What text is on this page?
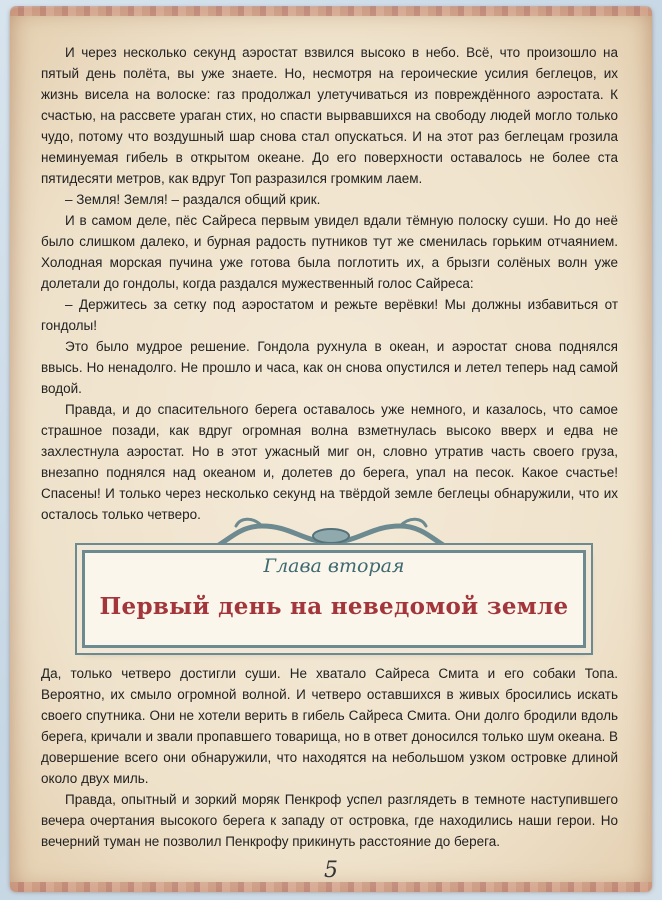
И через несколько секунд аэростат взвился высоко в небо. Всё, что произошло на пятый день полёта, вы уже знаете. Но, несмотря на героические усилия беглецов, их жизнь висела на волоске: газ продолжал улетучиваться из повреждённого аэростата. К счастью, на рассвете ураган стих, но спасти вырвавшихся на свободу людей могло только чудо, потому что воздушный шар снова стал опускаться. И на этот раз беглецам грозила неминуемая гибель в открытом океане. До его поверхности оставалось не более ста пятидесяти метров, как вдруг Топ разразился громким лаем.

– Земля! Земля! – раздался общий крик.

И в самом деле, пёс Сайреса первым увидел вдали тёмную полоску суши. Но до неё было слишком далеко, и бурная радость путников тут же сменилась горьким отчаянием. Холодная морская пучина уже готова была поглотить их, а брызги солёных волн уже долетали до гондолы, когда раздался мужественный голос Сайреса:

– Держитесь за сетку под аэростатом и режьте верёвки! Мы должны избавиться от гондолы!

Это было мудрое решение. Гондола рухнула в океан, и аэростат снова поднялся ввысь. Но ненадолго. Не прошло и часа, как он снова опустился и летел теперь над самой водой.

Правда, и до спасительного берега оставалось уже немного, и казалось, что самое страшное позади, как вдруг огромная волна взметнулась высоко вверх и едва не захлестнула аэростат. Но в этот ужасный миг он, словно утратив часть своего груза, внезапно поднялся над океаном и, долетев до берега, упал на песок. Какое счастье! Спасены! И только через несколько секунд на твёрдой земле беглецы обнаружили, что их осталось только четверо.

Глава вторая
Первый день на неведомой земле

Да, только четверо достигли суши. Не хватало Сайреса Смита и его собаки Топа. Вероятно, их смыло огромной волной. И четверо оставшихся в живых бросились искать своего спутника. Они не хотели верить в гибель Сайреса Смита. Они долго бродили вдоль берега, кричали и звали пропавшего товарища, но в ответ доносился только шум океана. В довершение всего они обнаружили, что находятся на небольшом узком островке длиной около двух миль.

Правда, опытный и зоркий моряк Пенкроф успел разглядеть в темноте наступившего вечера очертания высокого берега к западу от островка, где находились наши герои. Но вечерний туман не позволил Пенкрофу прикинуть расстояние до берега.

5
